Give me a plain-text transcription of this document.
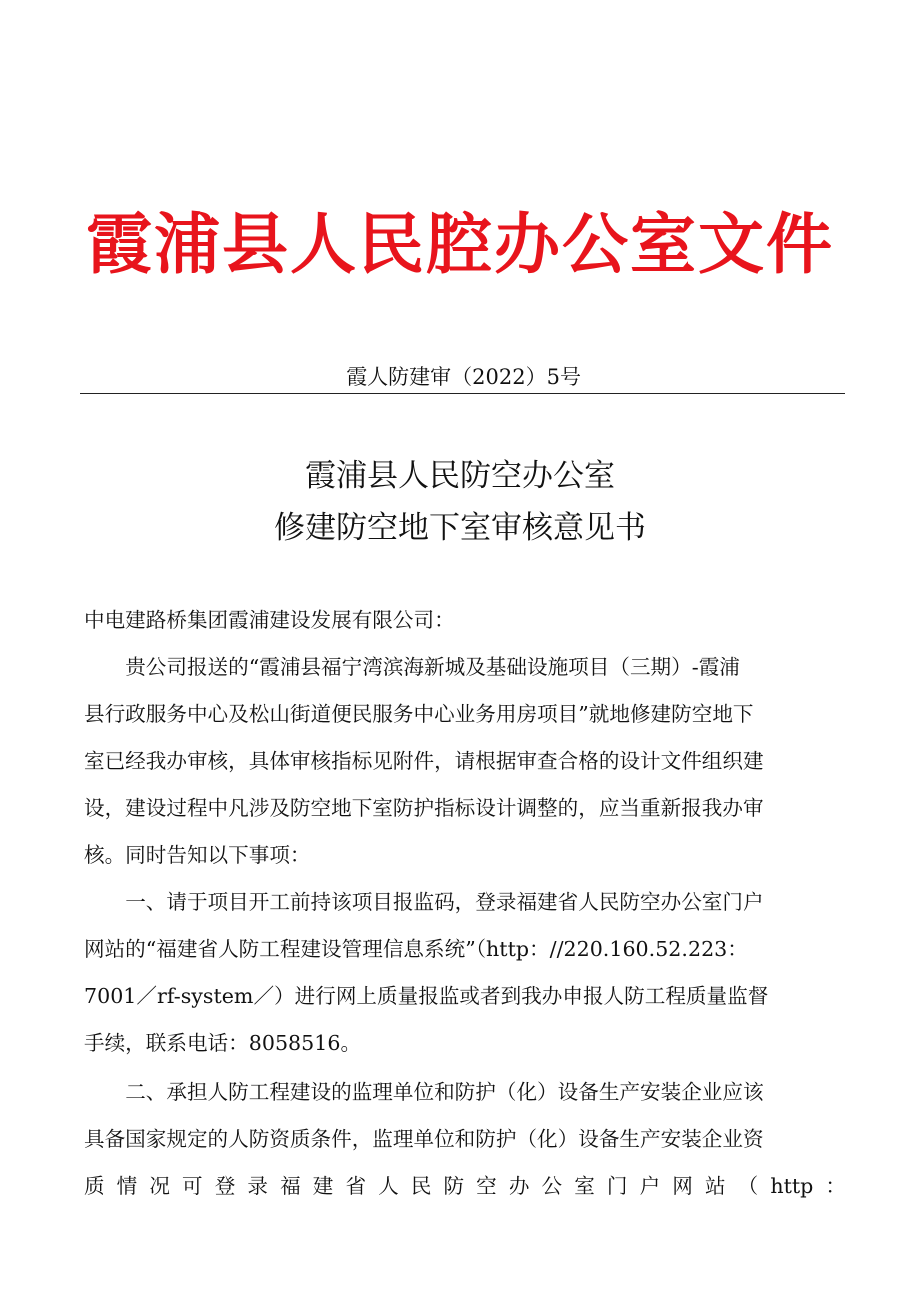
霞浦县人民腔办公室文件
霞人防建审（2022）5号
霞浦县人民防空办公室
修建防空地下室审核意见书

中电建路桥集团霞浦建设发展有限公司：

贵公司报送的“霞浦县福宁湾滨海新城及基础设施项目（三期）-霞浦

县行政服务中心及松山街道便民服务中心业务用房项目”就地修建防空地下

室已经我办审核，具体审核指标见附件，请根据审查合格的设计文件组织建

设，建设过程中凡涉及防空地下室防护指标设计调整的，应当重新报我办审

核。同时告知以下事项：

一、请于项目开工前持该项目报监码，登录福建省人民防空办公室门户

网站的“福建省人防工程建设管理信息系统”（http：//220.160.52.223：

7001／rf-system／）进行网上质量报监或者到我办申报人防工程质量监督

手续，联系电话：8058516。

二、承担人防工程建设的监理单位和防护（化）设备生产安装企业应该

具备国家规定的人防资质条件，监理单位和防护（化）设备生产安装企业资

质情况可登录福建省人民防空办公室门户网站（http：
